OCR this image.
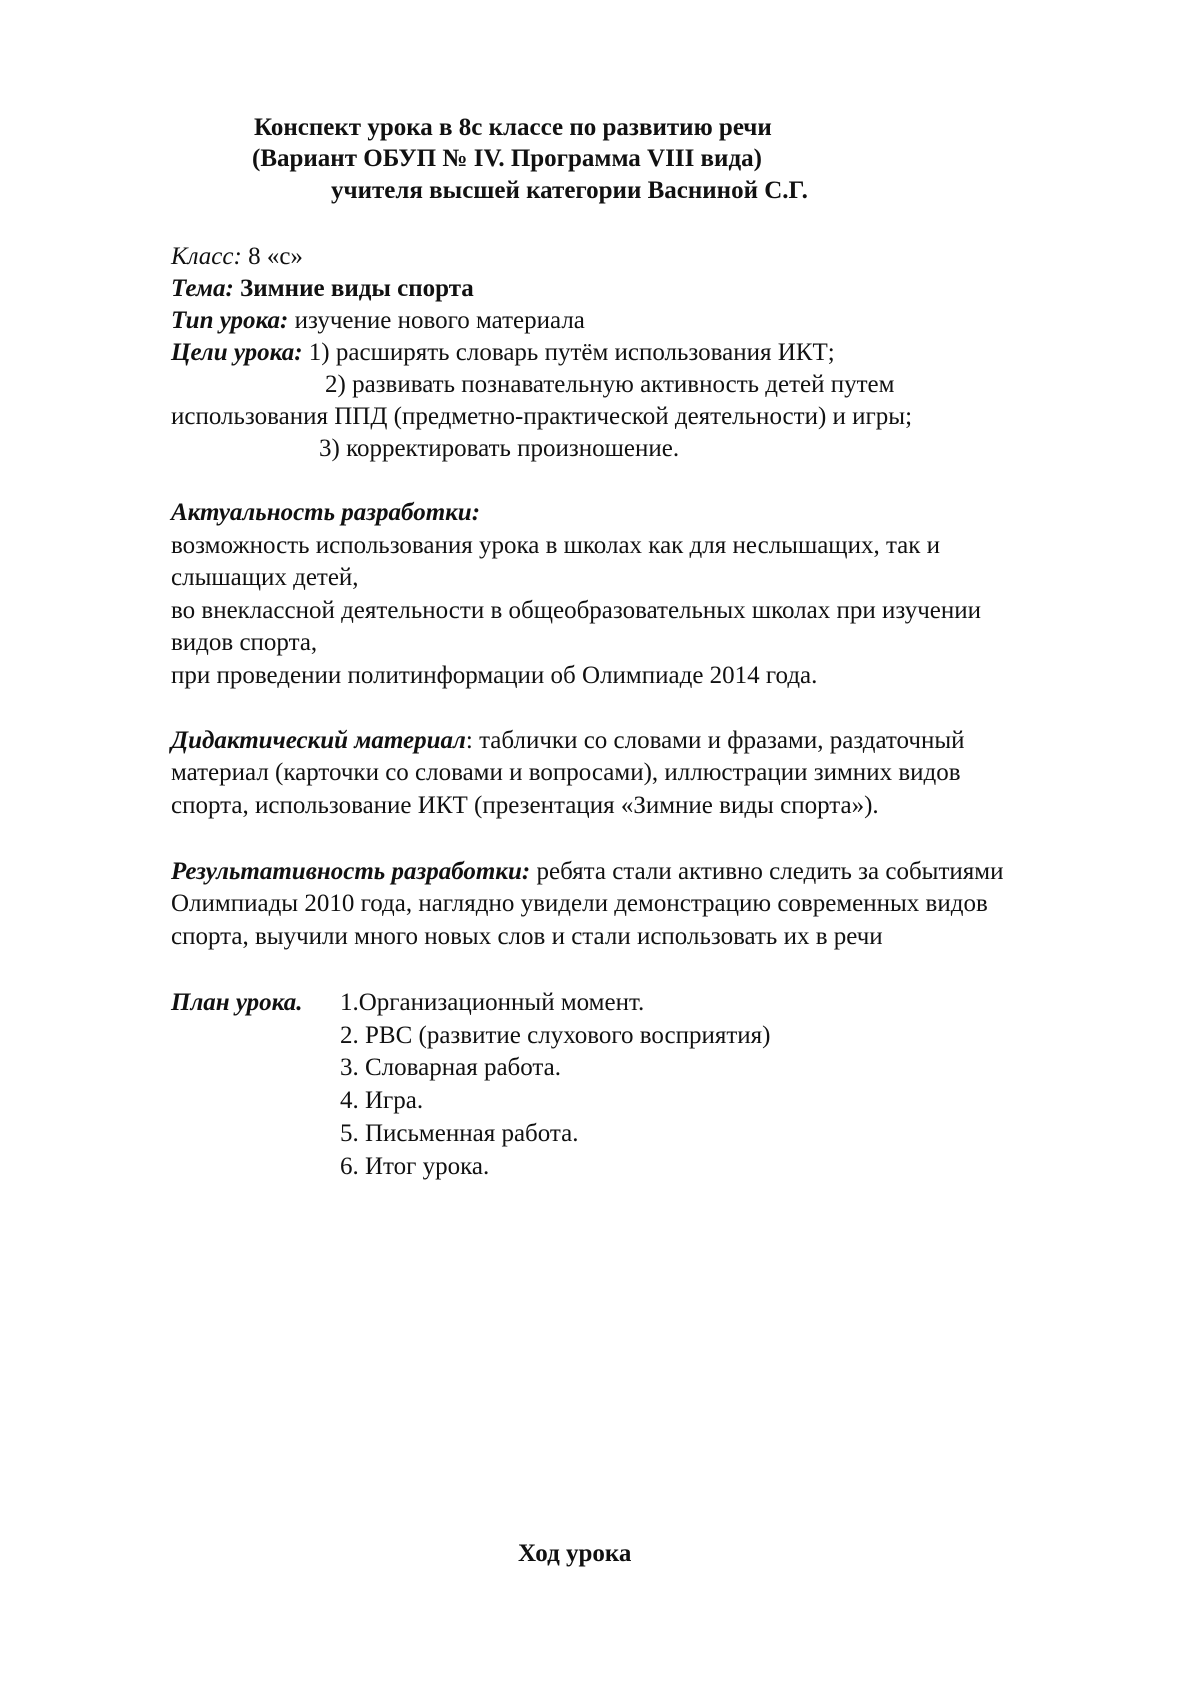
Конспект урока в 8с классе по развитию речи
(Вариант ОБУП № IV. Программа VIII вида)
учителя высшей категории Васниной С.Г.
Класс: 8 «с»
Тема: Зимние виды спорта
Тип урока: изучение нового материала
Цели урока: 1) расширять словарь путём использования ИКТ;
2) развивать познавательную активность детей путем
использования ППД (предметно-практической деятельности) и игры;
3) корректировать произношение.
Актуальность разработки:
возможность использования урока в школах как для неслышащих, так и
слышащих детей,
во внеклассной деятельности в общеобразовательных школах при изучении
видов спорта,
при проведении политинформации об Олимпиаде 2014 года.
Дидактический материал: таблички со словами и фразами, раздаточный
материал (карточки со словами и вопросами), иллюстрации зимних видов
спорта, использование ИКТ (презентация «Зимние виды спорта»).
Результативность разработки: ребята стали активно следить за событиями
Олимпиады 2010 года, наглядно увидели демонстрацию современных видов
спорта, выучили много новых слов и стали использовать их в речи
План урока. 1.Организационный момент.
2. РВС (развитие слухового восприятия)
3. Словарная работа.
4. Игра.
5. Письменная работа.
6. Итог урока.
Ход урока
